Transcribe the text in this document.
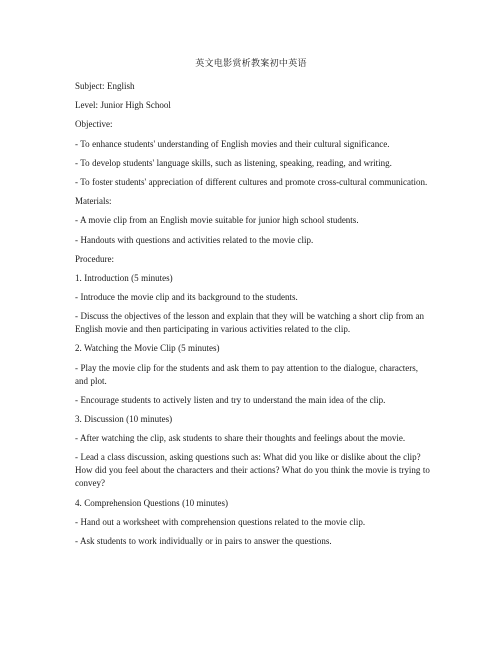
英文电影赏析教案初中英语

Subject: English

Level: Junior High School

Objective:

- To enhance students' understanding of English movies and their cultural significance.

- To develop students' language skills, such as listening, speaking, reading, and writing.

- To foster students' appreciation of different cultures and promote cross-cultural communication.

Materials:

- A movie clip from an English movie suitable for junior high school students.

- Handouts with questions and activities related to the movie clip.

Procedure:

1. Introduction (5 minutes)

- Introduce the movie clip and its background to the students.

- Discuss the objectives of the lesson and explain that they will be watching a short clip from an English movie and then participating in various activities related to the clip.

2. Watching the Movie Clip (5 minutes)

- Play the movie clip for the students and ask them to pay attention to the dialogue, characters, and plot.

- Encourage students to actively listen and try to understand the main idea of the clip.

3. Discussion (10 minutes)

- After watching the clip, ask students to share their thoughts and feelings about the movie.

- Lead a class discussion, asking questions such as: What did you like or dislike about the clip? How did you feel about the characters and their actions? What do you think the movie is trying to convey?

4. Comprehension Questions (10 minutes)

- Hand out a worksheet with comprehension questions related to the movie clip.

- Ask students to work individually or in pairs to answer the questions.
